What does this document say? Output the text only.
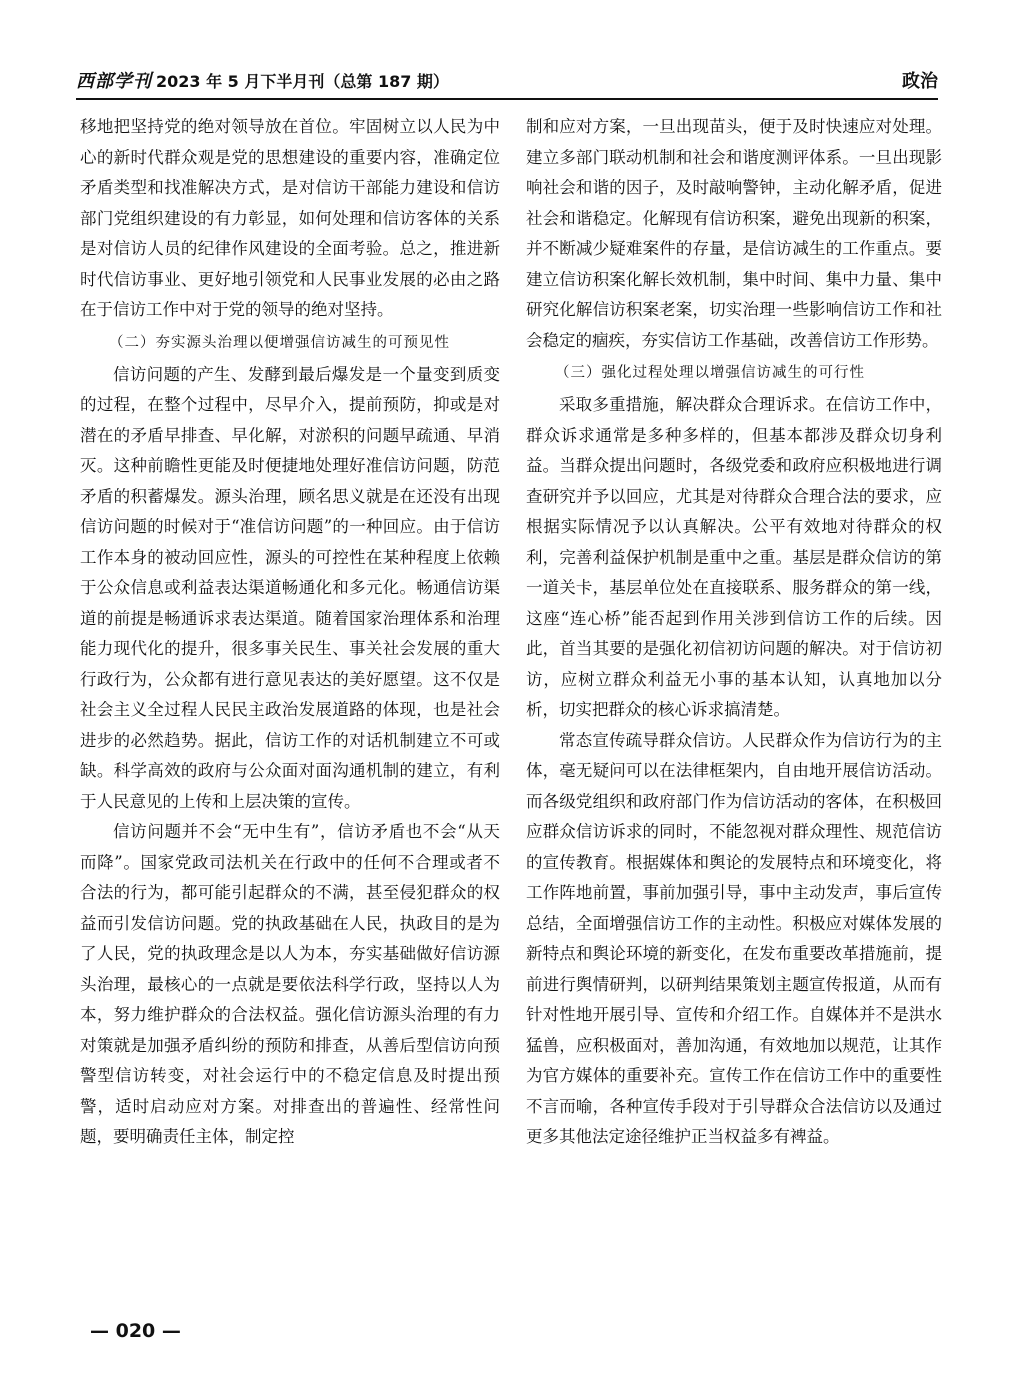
西部学刊 2023 年 5 月下半月刊（总第 187 期）	政治

移地把坚持党的绝对领导放在首位。牢固树立以人民为中心的新时代群众观是党的思想建设的重要内容，准确定位矛盾类型和找准解决方式，是对信访干部能力建设和信访部门党组织建设的有力彰显，如何处理和信访客体的关系是对信访人员的纪律作风建设的全面考验。总之，推进新时代信访事业、更好地引领党和人民事业发展的必由之路在于信访工作中对于党的领导的绝对坚持。

（二）夯实源头治理以便增强信访减生的可预见性

信访问题的产生、发酵到最后爆发是一个量变到质变的过程，在整个过程中，尽早介入，提前预防，抑或是对潜在的矛盾早排查、早化解，对淤积的问题早疏通、早消灭。这种前瞻性更能及时便捷地处理好准信访问题，防范矛盾的积蓄爆发。源头治理，顾名思义就是在还没有出现信访问题的时候对于“准信访问题”的一种回应。由于信访工作本身的被动回应性，源头的可控性在某种程度上依赖于公众信息或利益表达渠道畅通化和多元化。畅通信访渠道的前提是畅通诉求表达渠道。随着国家治理体系和治理能力现代化的提升，很多事关民生、事关社会发展的重大行政行为，公众都有进行意见表达的美好愿望。这不仅是社会主义全过程人民民主政治发展道路的体现，也是社会进步的必然趋势。据此，信访工作的对话机制建立不可或缺。科学高效的政府与公众面对面沟通机制的建立，有利于人民意见的上传和上层决策的宣传。

信访问题并不会“无中生有”，信访矛盾也不会“从天而降”。国家党政司法机关在行政中的任何不合理或者不合法的行为，都可能引起群众的不满，甚至侵犯群众的权益而引发信访问题。党的执政基础在人民，执政目的是为了人民，党的执政理念是以人为本，夯实基础做好信访源头治理，最核心的一点就是要依法科学行政，坚持以人为本，努力维护群众的合法权益。强化信访源头治理的有力对策就是加强矛盾纠纷的预防和排查，从善后型信访向预警型信访转变，对社会运行中的不稳定信息及时提出预警，适时启动应对方案。对排查出的普遍性、经常性问题，要明确责任主体，制定控

制和应对方案，一旦出现苗头，便于及时快速应对处理。建立多部门联动机制和社会和谐度测评体系。一旦出现影响社会和谐的因子，及时敲响警钟，主动化解矛盾，促进社会和谐稳定。化解现有信访积案，避免出现新的积案，并不断减少疑难案件的存量，是信访减生的工作重点。要建立信访积案化解长效机制，集中时间、集中力量、集中研究化解信访积案老案，切实治理一些影响信访工作和社会稳定的痼疾，夯实信访工作基础，改善信访工作形势。

（三）强化过程处理以增强信访减生的可行性

采取多重措施，解决群众合理诉求。在信访工作中，群众诉求通常是多种多样的，但基本都涉及群众切身利益。当群众提出问题时，各级党委和政府应积极地进行调查研究并予以回应，尤其是对待群众合理合法的要求，应根据实际情况予以认真解决。公平有效地对待群众的权利，完善利益保护机制是重中之重。基层是群众信访的第一道关卡，基层单位处在直接联系、服务群众的第一线，这座“连心桥”能否起到作用关涉到信访工作的后续。因此，首当其要的是强化初信初访问题的解决。对于信访初访，应树立群众利益无小事的基本认知，认真地加以分析，切实把群众的核心诉求搞清楚。

常态宣传疏导群众信访。人民群众作为信访行为的主体，毫无疑问可以在法律框架内，自由地开展信访活动。而各级党组织和政府部门作为信访活动的客体，在积极回应群众信访诉求的同时，不能忽视对群众理性、规范信访的宣传教育。根据媒体和舆论的发展特点和环境变化，将工作阵地前置，事前加强引导，事中主动发声，事后宣传总结，全面增强信访工作的主动性。积极应对媒体发展的新特点和舆论环境的新变化，在发布重要改革措施前，提前进行舆情研判，以研判结果策划主题宣传报道，从而有针对性地开展引导、宣传和介绍工作。自媒体并不是洪水猛兽，应积极面对，善加沟通，有效地加以规范，让其作为官方媒体的重要补充。宣传工作在信访工作中的重要性不言而喻，各种宣传手段对于引导群众合法信访以及通过更多其他法定途径维护正当权益多有裨益。

— 020 —
